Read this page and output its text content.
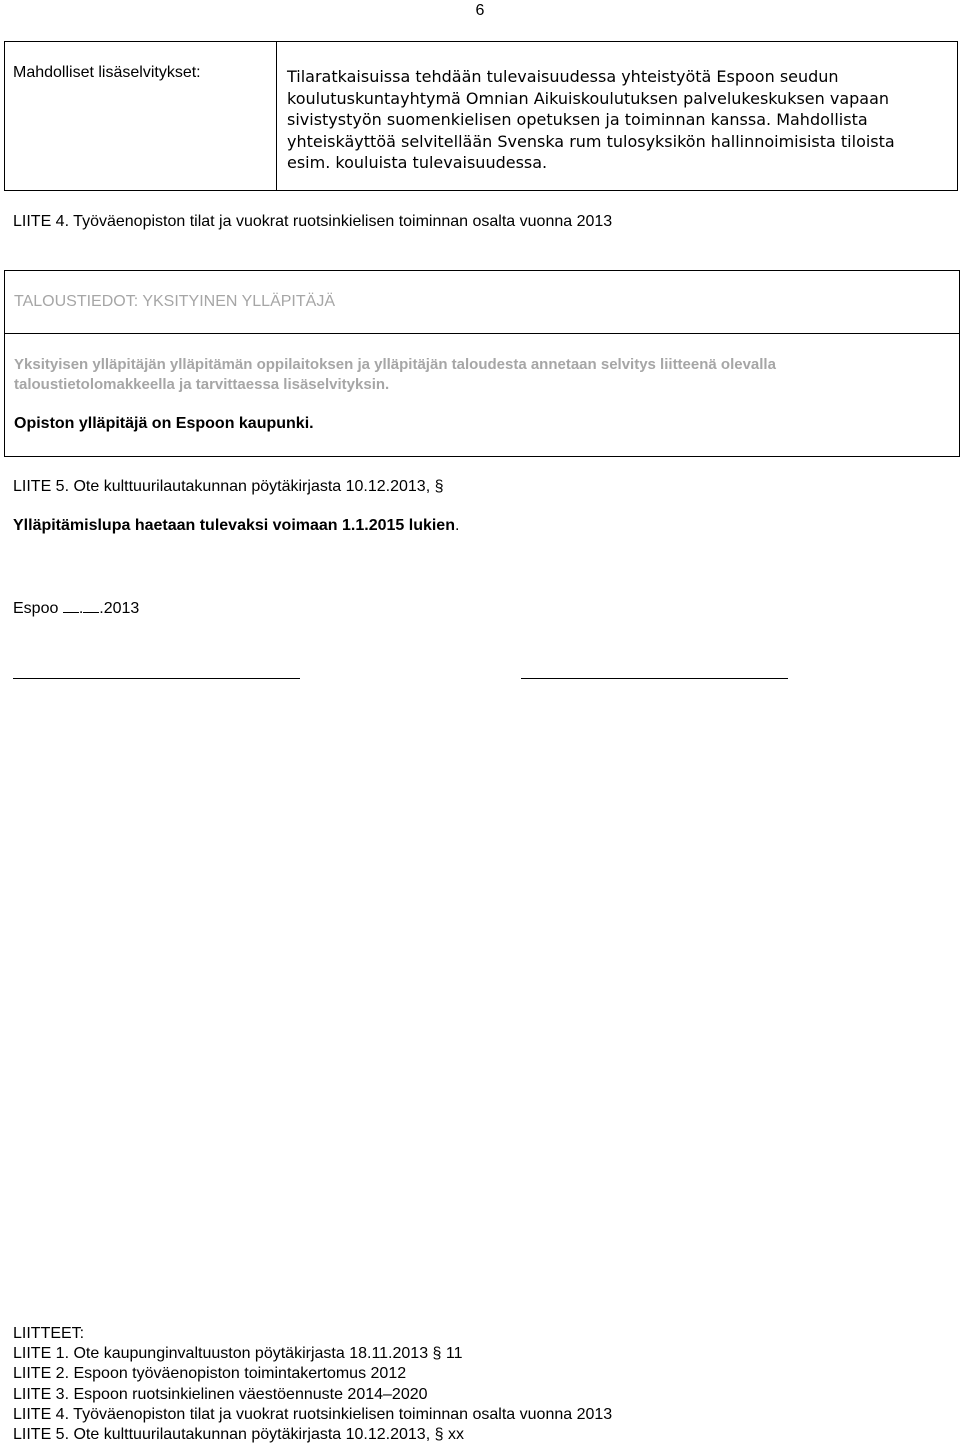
6
Mahdolliset lisäselvitykset:	Tilaratkaisuissa tehdään tulevaisuudessa yhteistyötä Espoon seudun
koulutuskuntayhtymä Omnian Aikuiskoulutuksen palvelukeskuksen vapaan
sivistystyön suomenkielisen opetuksen ja toiminnan kanssa. Mahdollista
yhteiskäyttöä selvitellään Svenska rum tulosyksikön hallinnoimisista tiloista
esim. kouluista tulevaisuudessa.
LIITE 4. Työväenopiston tilat ja vuokrat ruotsinkielisen toiminnan osalta vuonna 2013
TALOUSTIEDOT: YKSITYINEN YLLÄPITÄJÄ
Yksityisen ylläpitäjän ylläpitämän oppilaitoksen ja ylläpitäjän taloudesta annetaan selvitys liitteenä olevalla
taloustietolomakkeella ja tarvittaessa lisäselvityksin.
Opiston ylläpitäjä on Espoon kaupunki.
LIITE 5. Ote kulttuurilautakunnan pöytäkirjasta 10.12.2013, §
Ylläpitämislupa haetaan tulevaksi voimaan 1.1.2015 lukien.
Espoo . .2013
LIITTEET:
LIITE 1. Ote kaupunginvaltuuston pöytäkirjasta 18.11.2013 § 11
LIITE 2. Espoon työväenopiston toimintakertomus 2012
LIITE 3. Espoon ruotsinkielinen väestöennuste 2014–2020
LIITE 4. Työväenopiston tilat ja vuokrat ruotsinkielisen toiminnan osalta vuonna 2013
LIITE 5. Ote kulttuurilautakunnan pöytäkirjasta 10.12.2013, § xx
